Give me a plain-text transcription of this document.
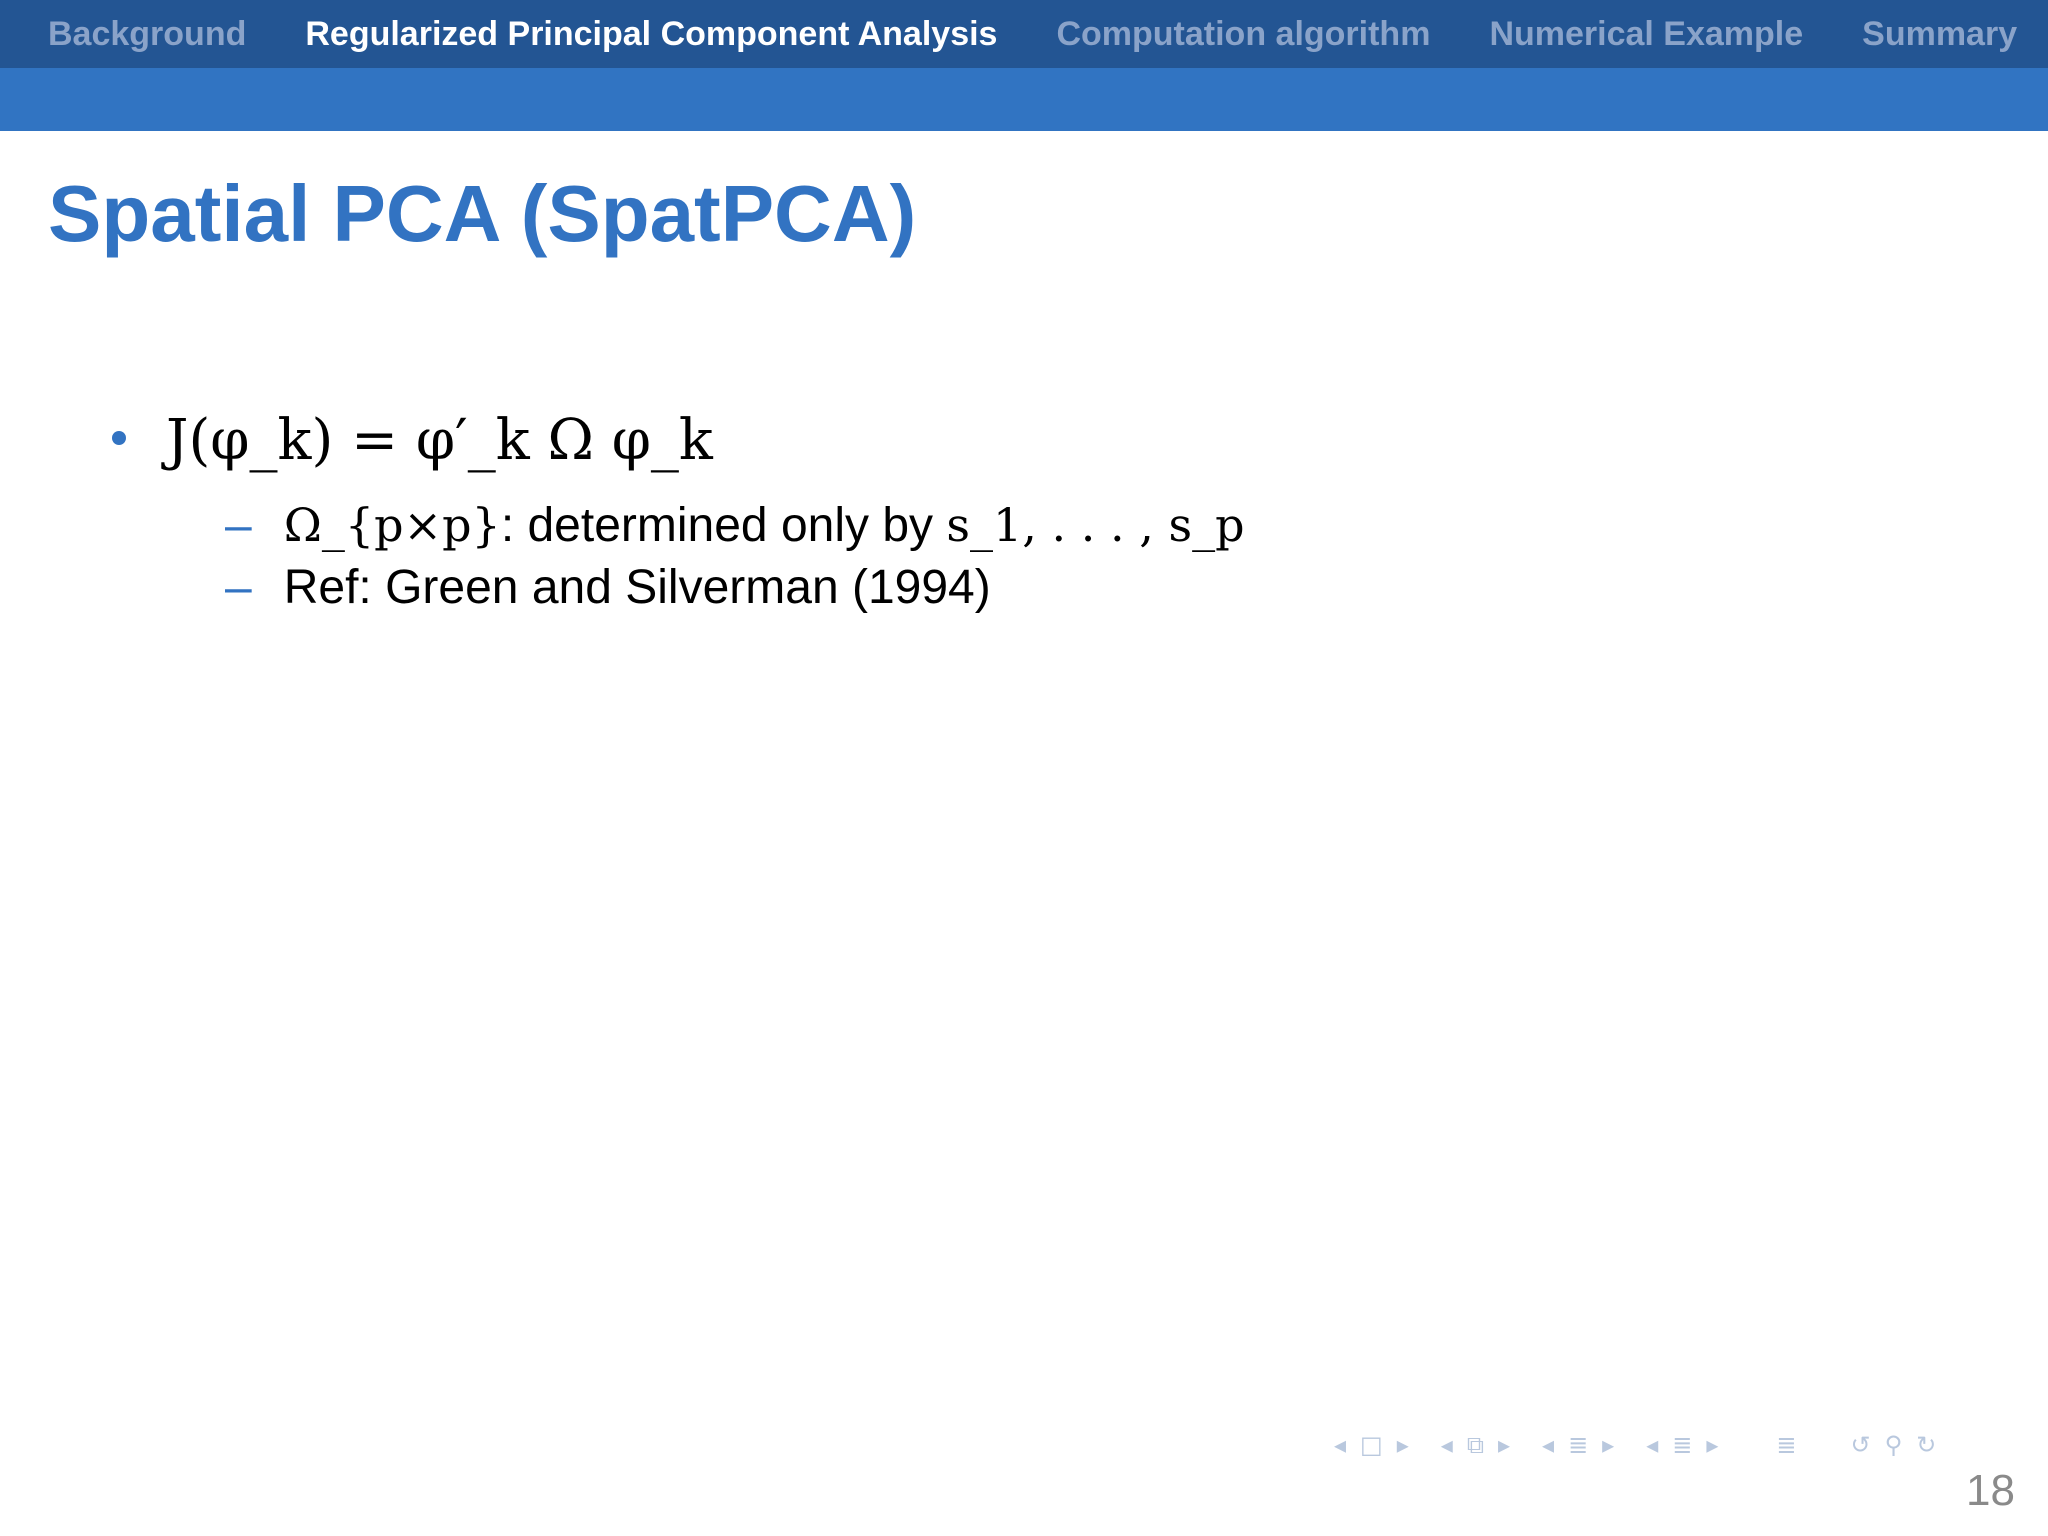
Background Regularized Principal Component Analysis Computation algorithm Numerical Example Summary
Spatial PCA (SpatPCA)
J(φ_k) = φ′_k Ω φ_k
– Ω_{p×p} : determined only by s_1, . . . , s_p
– Ref: Green and Silverman (1994)
◂ □ ▸ ◂ ⧉ ▸ ◂ ≣ ▸ ◂ ≣ ▸ ≣ ↺ ⚲ ↻
18
